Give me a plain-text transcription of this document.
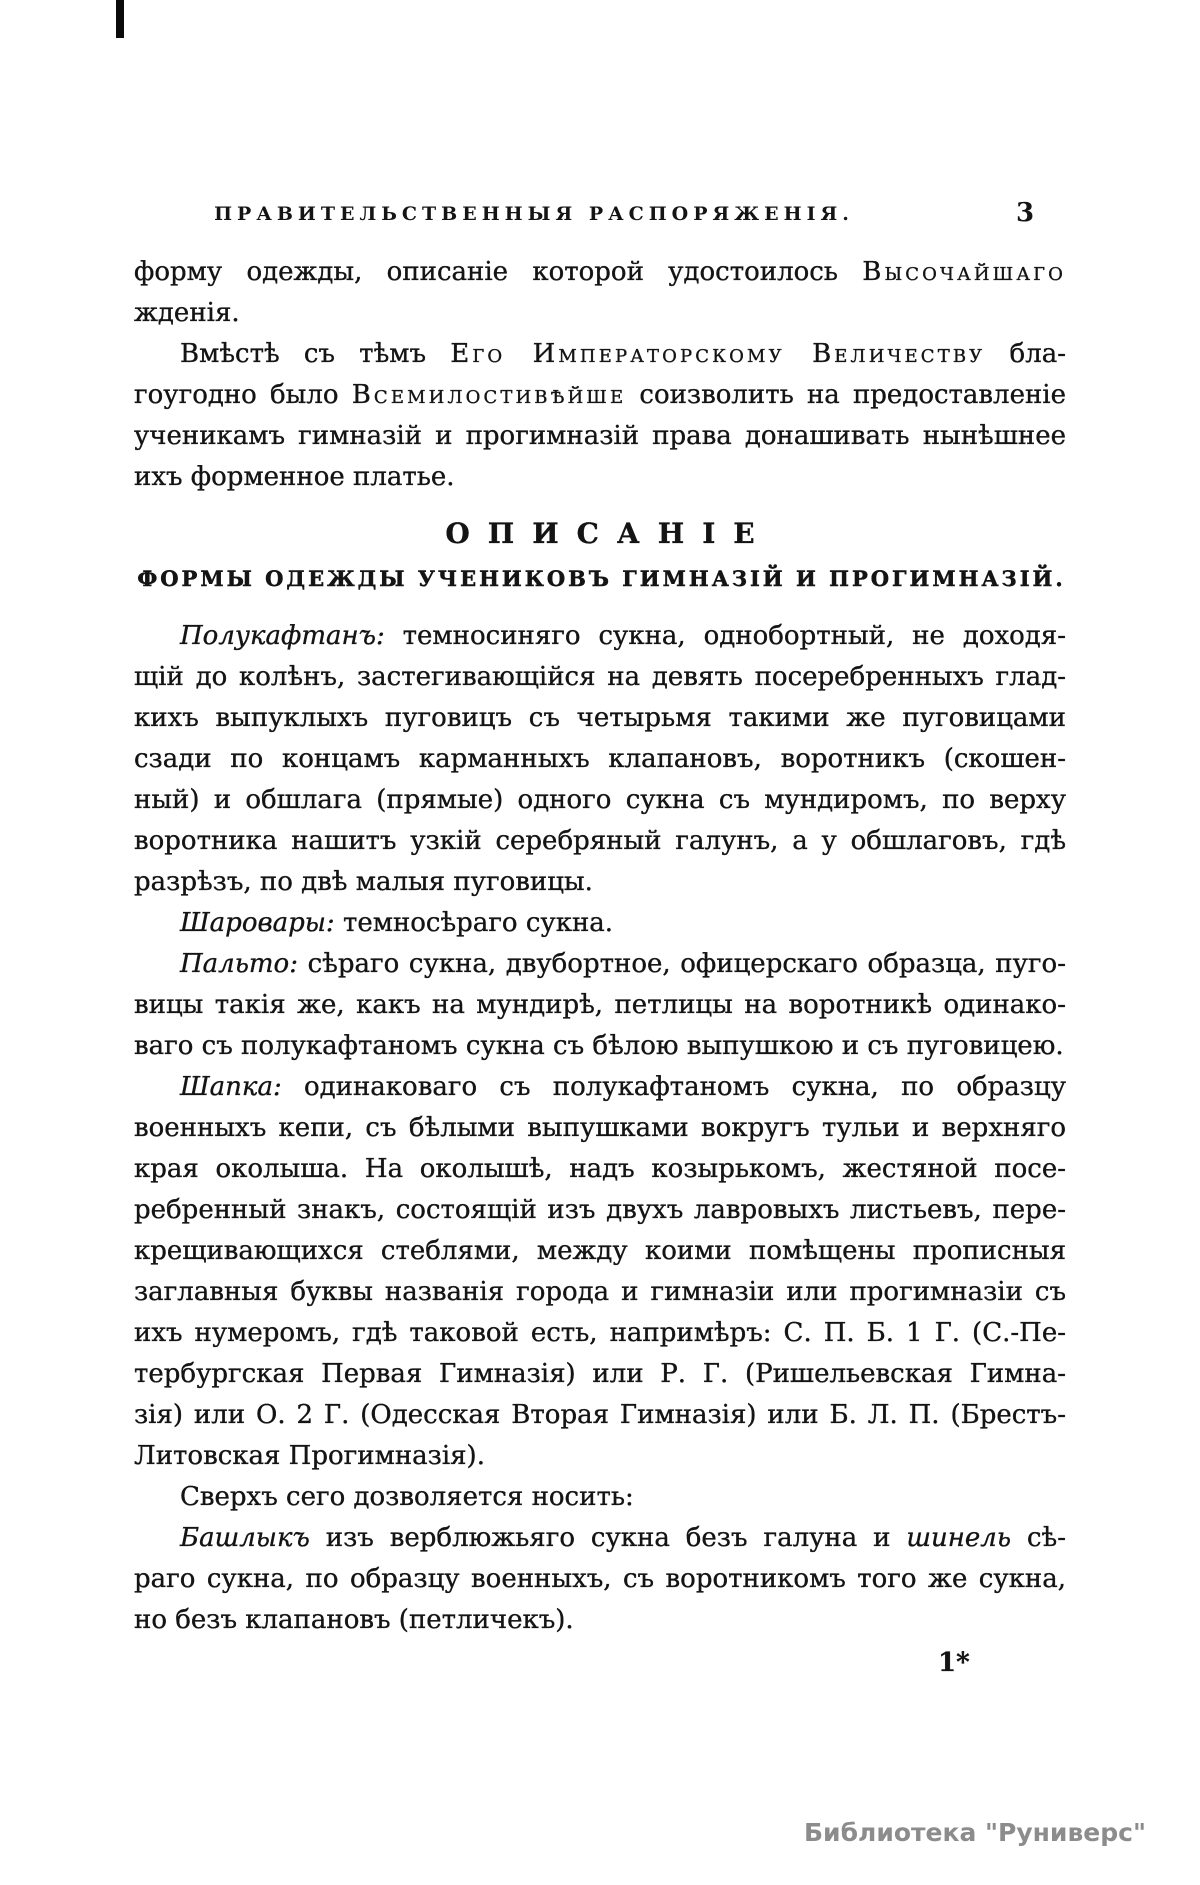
ПРАВИТЕЛЬСТВЕННЫЯ РАСПОРЯЖЕНІЯ.	3
форму одежды, описаніе которой удостоилось Высочайшаго
жденія.
Вмѣстѣ съ тѣмъ Его Императорскому Величеству бла-
гоугодно было Всемилостивѣйше соизволить на предоставленіе
ученикамъ гимназій и прогимназій права донашивать нынѣшнее
ихъ форменное платье.
ОПИСАНІЕ
ФОРМЫ ОДЕЖДЫ УЧЕНИКОВЪ ГИМНАЗІЙ И ПРОГИМНАЗІЙ.
Полукафтанъ: темносиняго сукна, однобортный, не доходя-
щій до колѣнъ, застегивающійся на девять посеребренныхъ глад-
кихъ выпуклыхъ пуговицъ съ четырьмя такими же пуговицами
сзади по концамъ карманныхъ клапановъ, воротникъ (скошен-
ный) и обшлага (прямые) одного сукна съ мундиромъ, по верху
воротника нашитъ узкій серебряный галунъ, а у обшлаговъ, гдѣ
разрѣзъ, по двѣ малыя пуговицы.
Шаровары: темносѣраго сукна.
Пальто: сѣраго сукна, двубортное, офицерскаго образца, пуго-
вицы такія же, какъ на мундирѣ, петлицы на воротникѣ одинако-
ваго съ полукафтаномъ сукна съ бѣлою выпушкою и съ пуговицею.
Шапка: одинаковаго съ полукафтаномъ сукна, по образцу
военныхъ кепи, съ бѣлыми выпушками вокругъ тульи и верхняго
края околыша. На околышѣ, надъ козырькомъ, жестяной посе-
ребренный знакъ, состоящій изъ двухъ лавровыхъ листьевъ, пере-
крещивающихся стеблями, между коими помѣщены прописныя
заглавныя буквы названія города и гимназіи или прогимназіи съ
ихъ нумеромъ, гдѣ таковой есть, напримѣръ: С. П. Б. 1 Г. (С.-Пе-
тербургская Первая Гимназія) или Р. Г. (Ришельевская Гимна-
зія) или О. 2 Г. (Одесская Вторая Гимназія) или Б. Л. П. (Брестъ-
Литовская Прогимназія).
Сверхъ сего дозволяется носить:
Башлыкъ изъ верблюжьяго сукна безъ галуна и шинель сѣ-
раго сукна, по образцу военныхъ, съ воротникомъ того же сукна,
но безъ клапановъ (петличекъ).
1*
Библиотека "Руниверс"
